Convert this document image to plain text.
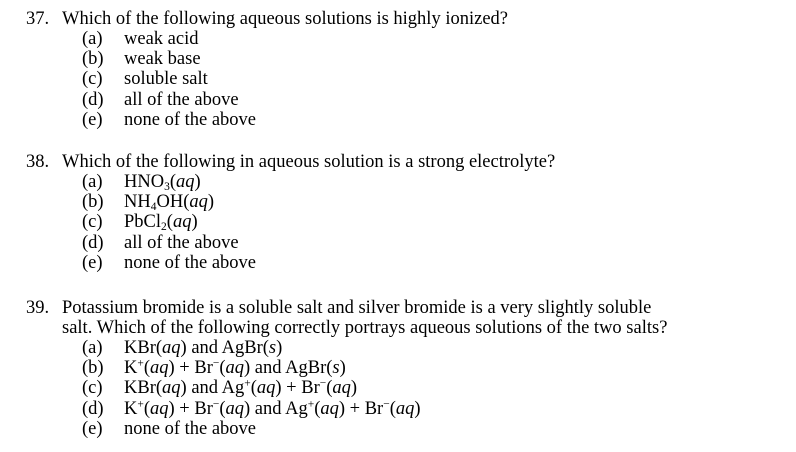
37. Which of the following aqueous solutions is highly ionized?
(a)	weak acid
(b)	weak base
(c)	soluble salt
(d)	all of the above
(e)	none of the above
38. Which of the following in aqueous solution is a strong electrolyte?
(a)	$HNO_3(aq)$
(b)	$NH_4OH(aq)$
(c)	PbCl$_2$(aq)
(d)	all of the above
(e)	none of the above
39. Potassium bromide is a soluble salt and silver bromide is a very slightly soluble
salt. Which of the following correctly portrays aqueous solutions of the two salts?
(a)	KBr(aq) and AgBr(s)
(b)	K+(aq) + Br−(aq) and AgBr(s)
(c)	KBr(aq) and Ag+(aq) + Br−(aq)
(d)	K+(aq) + Br−(aq) and Ag+(aq) + Br−(aq)
(e)	none of the above
